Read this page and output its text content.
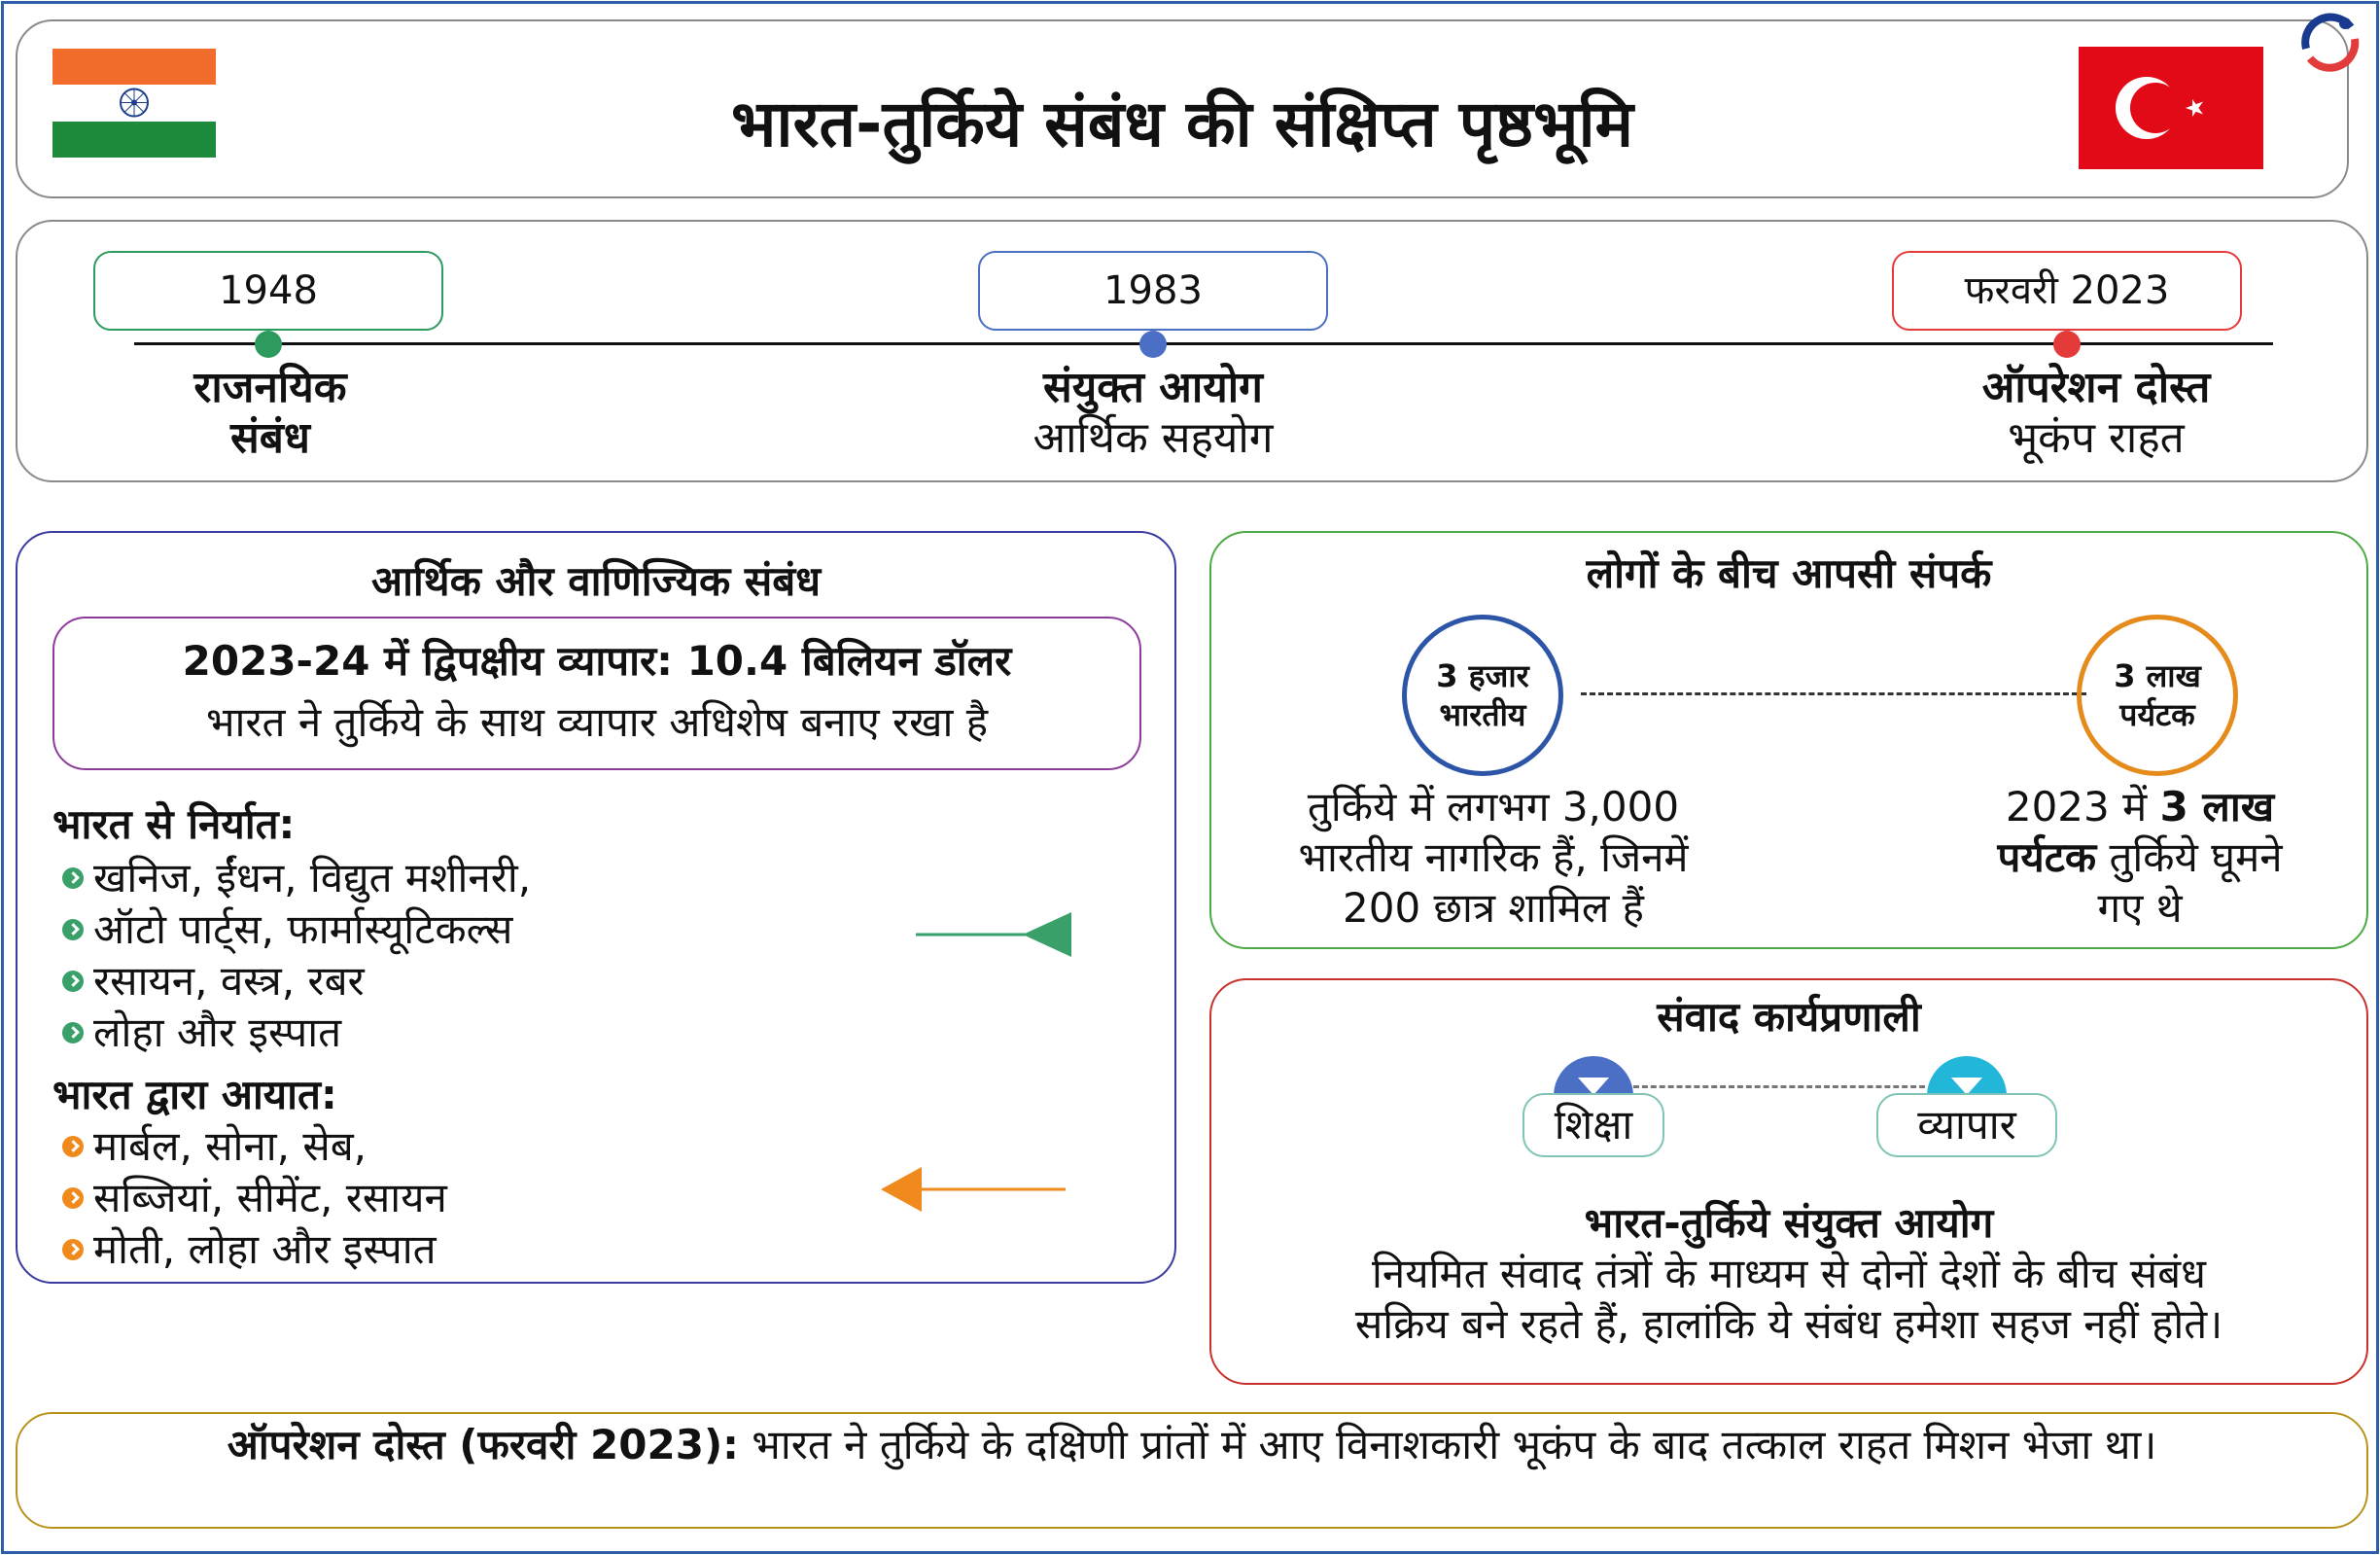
भारत-तुर्किये संबंध की संक्षिप्त पृष्ठभूमि
1948
राजनयिक
संबंध
1983
संयुक्त आयोग
आर्थिक सहयोग
फरवरी 2023
ऑपरेशन दोस्त
भूकंप राहत
आर्थिक और वाणिज्यिक संबंध
2023-24 में द्विपक्षीय व्यापार: 10.4 बिलियन डॉलर
भारत ने तुर्किये के साथ व्यापार अधिशेष बनाए रखा है
भारत से निर्यात:
खनिज, ईंधन, विद्युत मशीनरी,
ऑटो पार्ट्स, फार्मास्यूटिकल्स
रसायन, वस्त्र, रबर
लोहा और इस्पात
भारत द्वारा आयात:
मार्बल, सोना, सेब,
सब्जियां, सीमेंट, रसायन
मोती, लोहा और इस्पात
लोगों के बीच आपसी संपर्क
3 हजार
भारतीय
3 लाख
पर्यटक
तुर्किये में लगभग 3,000
भारतीय नागरिक हैं, जिनमें
200 छात्र शामिल हैं
2023 में 3 लाख
पर्यटक तुर्किये घूमने
गए थे
संवाद कार्यप्रणाली
शिक्षा	व्यापार
भारत-तुर्किये संयुक्त आयोग
नियमित संवाद तंत्रों के माध्यम से दोनों देशों के बीच संबंध
सक्रिय बने रहते हैं, हालांकि ये संबंध हमेशा सहज नहीं होते।
ऑपरेशन दोस्त (फरवरी 2023): भारत ने तुर्किये के दक्षिणी प्रांतों में आए विनाशकारी भूकंप के बाद तत्काल राहत मिशन भेजा था।
